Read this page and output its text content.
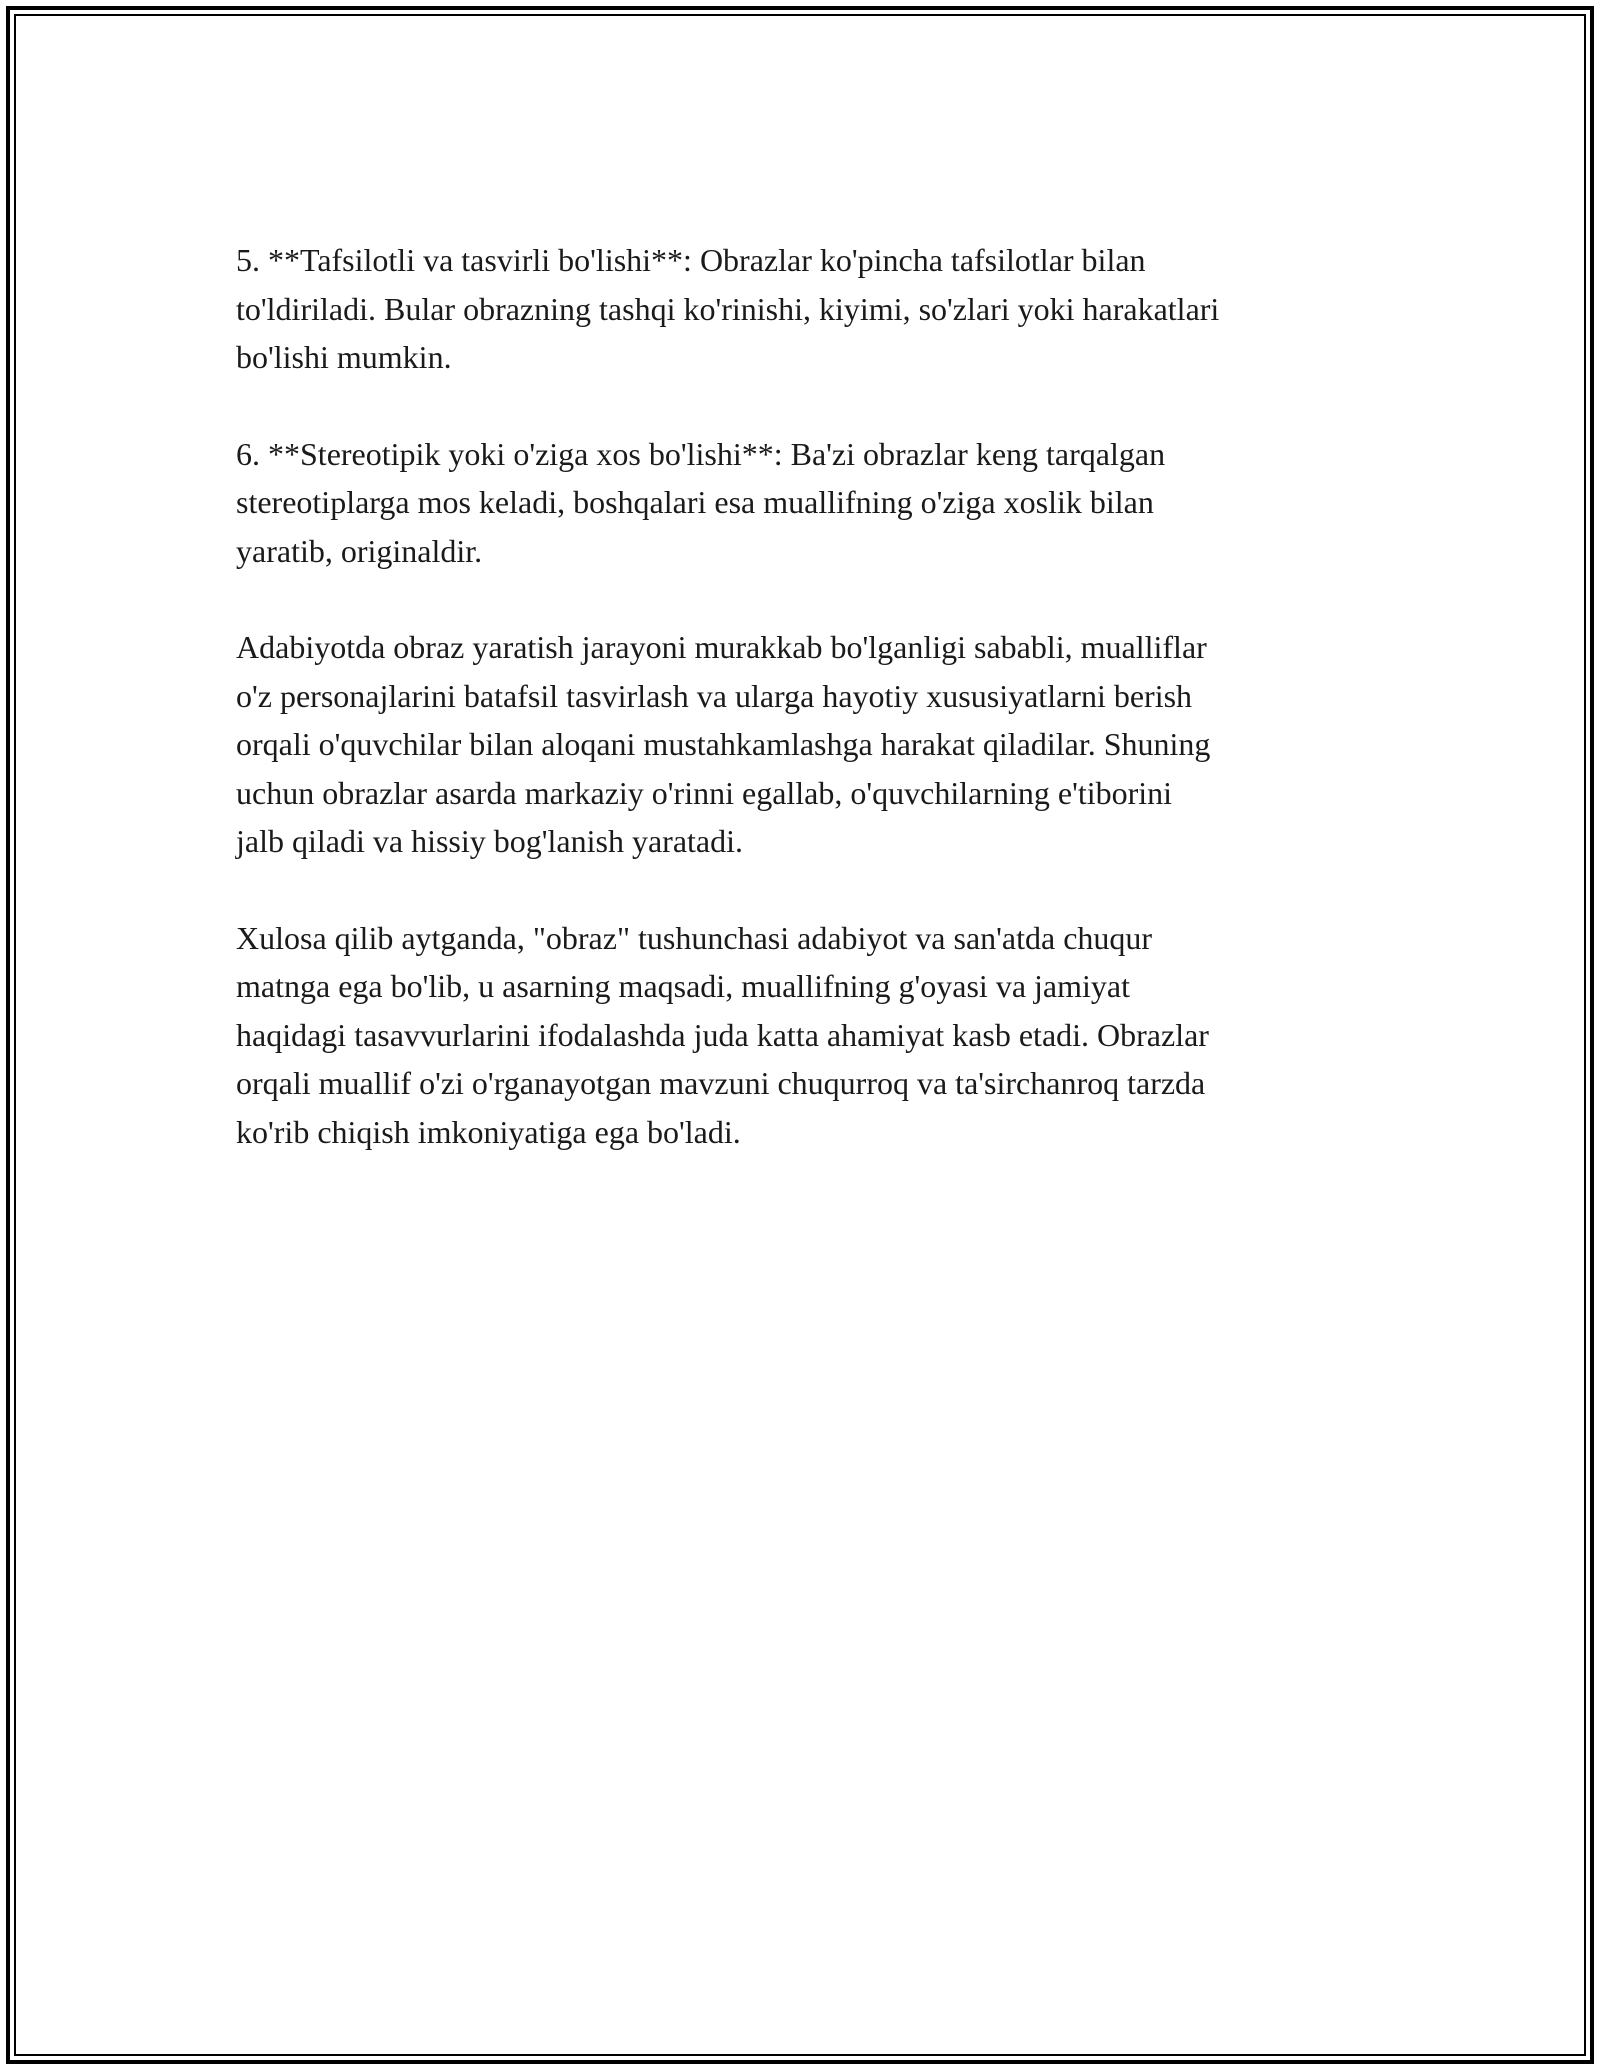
5. **Tafsilotli va tasvirli bo'lishi**: Obrazlar ko'pincha tafsilotlar bilan
to'ldiriladi. Bular obrazning tashqi ko'rinishi, kiyimi, so'zlari yoki harakatlari
bo'lishi mumkin.

6. **Stereotipik yoki o'ziga xos bo'lishi**: Ba'zi obrazlar keng tarqalgan
stereotiplarga mos keladi, boshqalari esa muallifning o'ziga xoslik bilan
yaratib, originaldir.

Adabiyotda obraz yaratish jarayoni murakkab bo'lganligi sababli, mualliflar
o'z personajlarini batafsil tasvirlash va ularga hayotiy xususiyatlarni berish
orqali o'quvchilar bilan aloqani mustahkamlashga harakat qiladilar. Shuning
uchun obrazlar asarda markaziy o'rinni egallab, o'quvchilarning e'tiborini
jalb qiladi va hissiy bog'lanish yaratadi.

Xulosa qilib aytganda, "obraz" tushunchasi adabiyot va san'atda chuqur
matnga ega bo'lib, u asarning maqsadi, muallifning g'oyasi va jamiyat
haqidagi tasavvurlarini ifodalashda juda katta ahamiyat kasb etadi. Obrazlar
orqali muallif o'zi o'rganayotgan mavzuni chuqurroq va ta'sirchanroq tarzda
ko'rib chiqish imkoniyatiga ega bo'ladi.
